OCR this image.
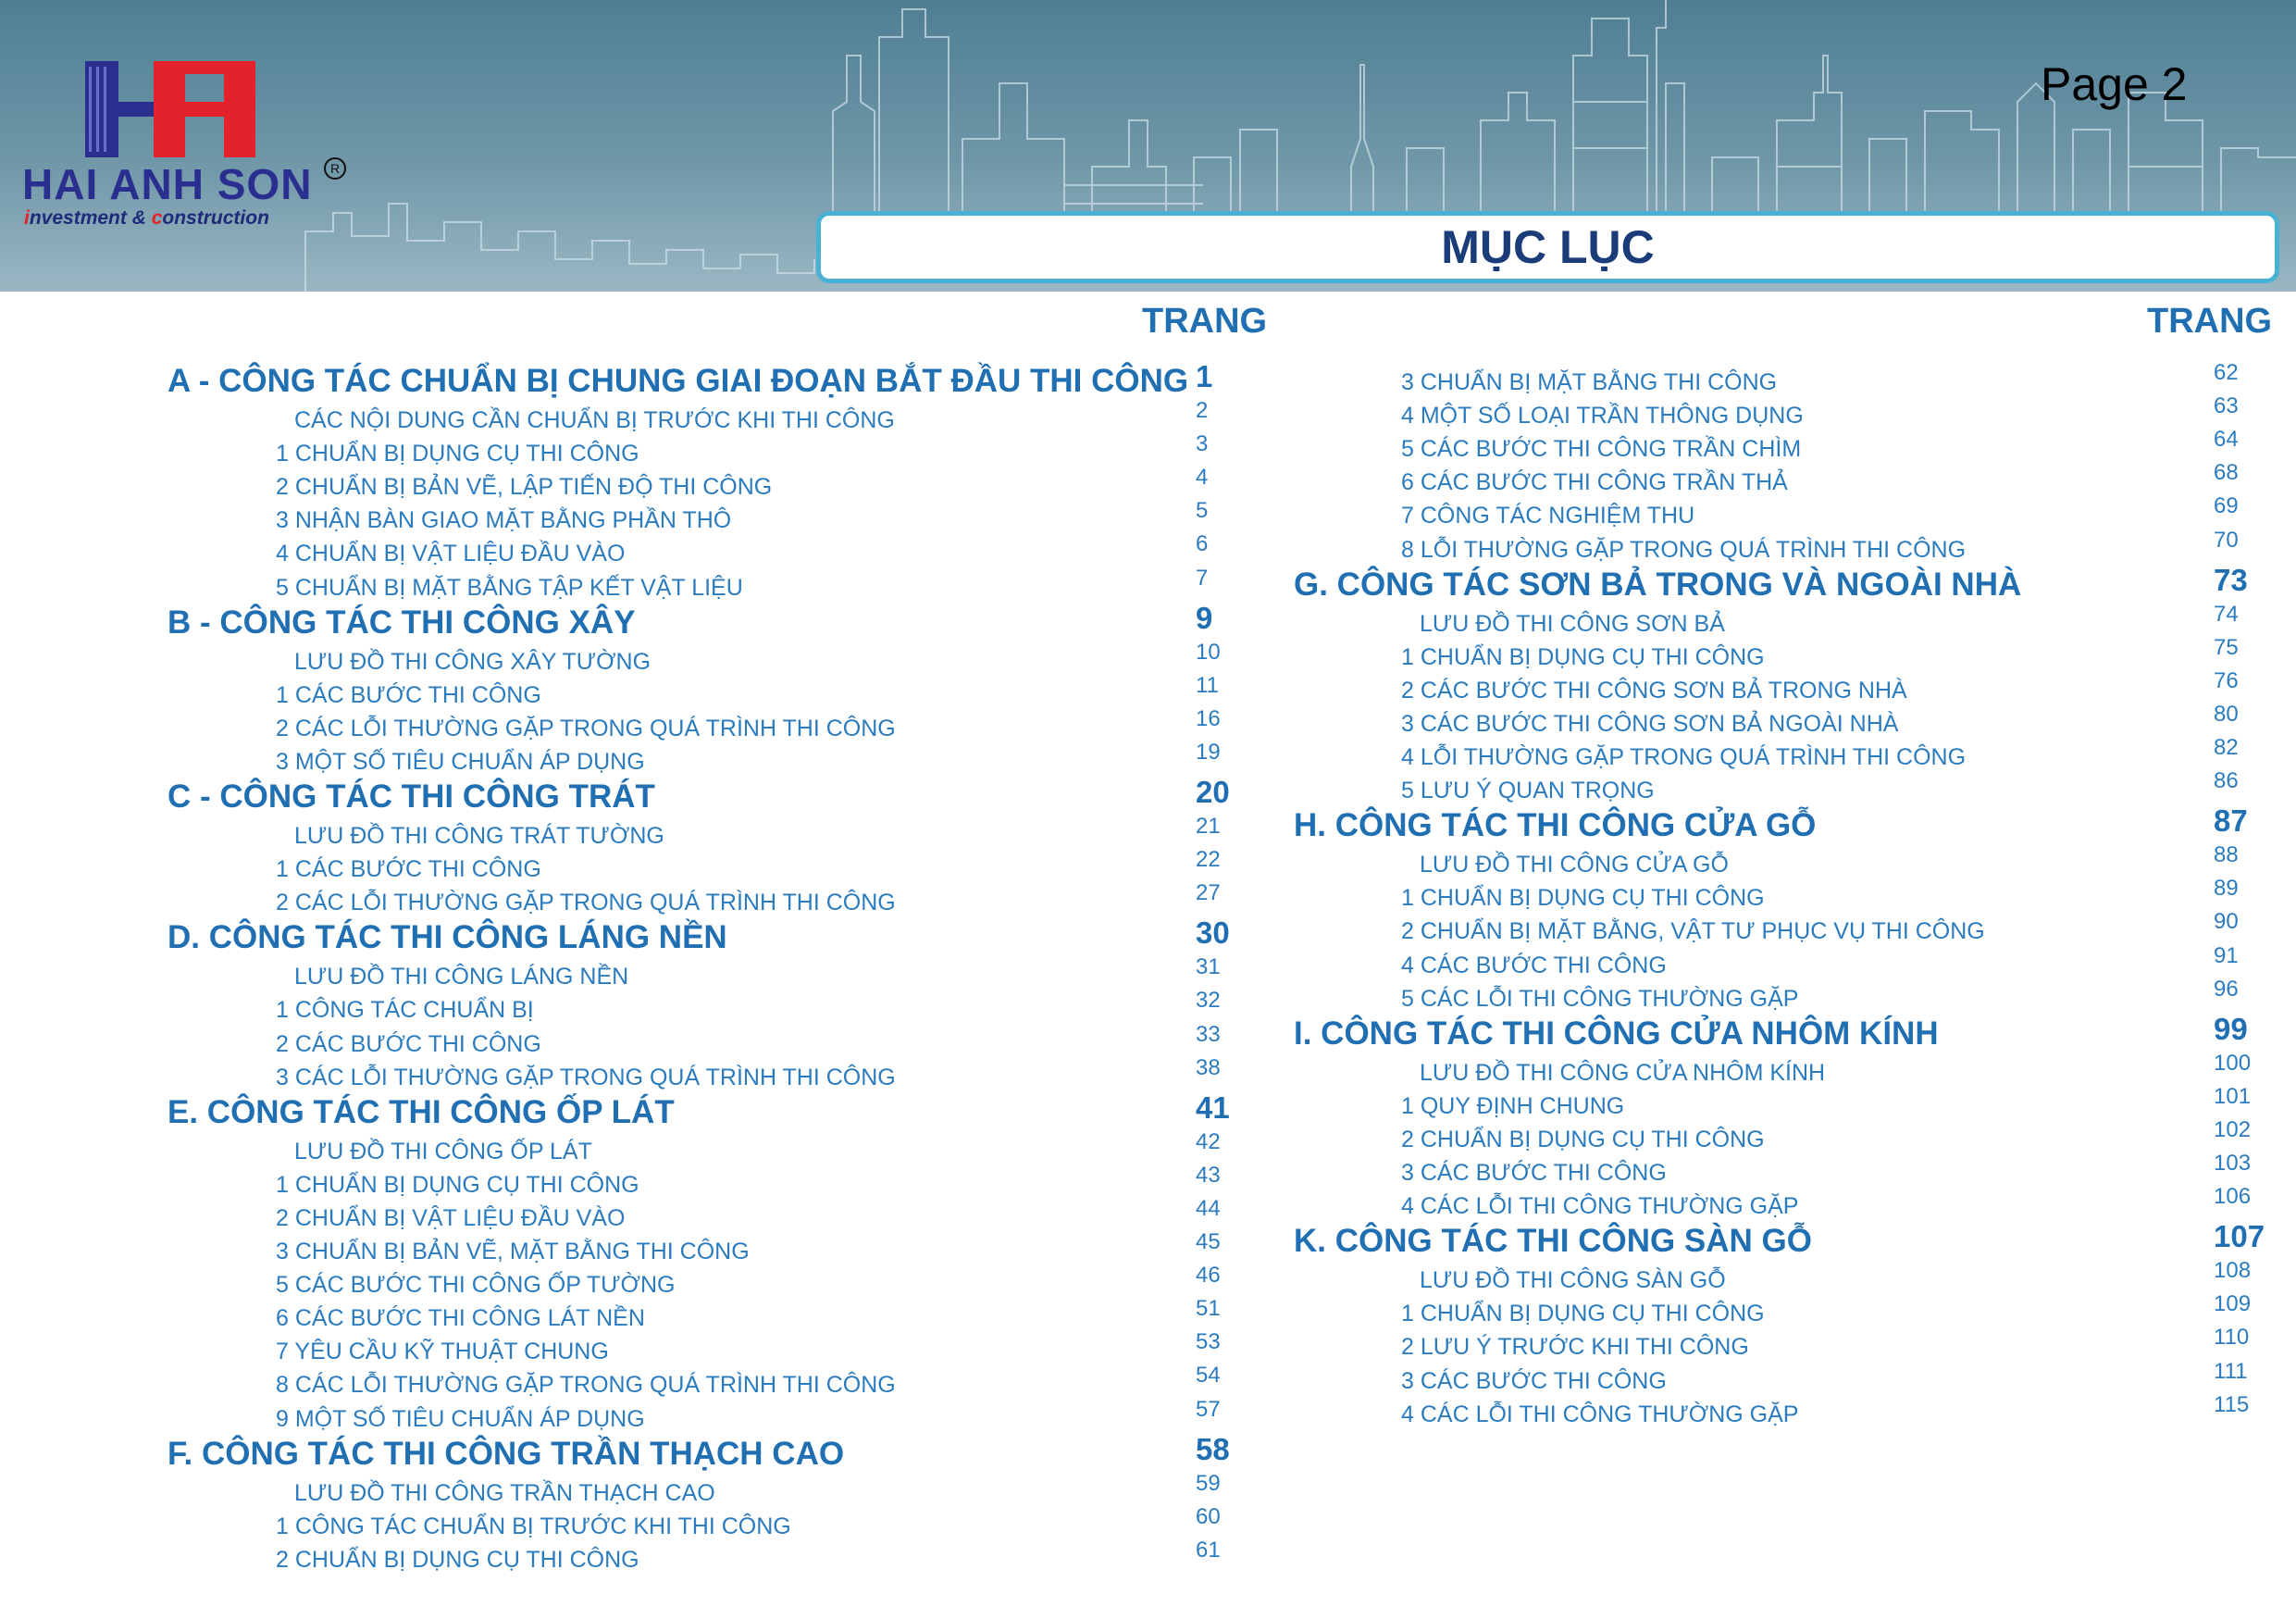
HAI ANH SON	R
investment & construction
Page 2
MỤC LỤC
TRANG	TRANG
A - CÔNG TÁC CHUẨN BỊ CHUNG GIAI ĐOẠN BẮT ĐẦU THI CÔNG 1
CÁC NỘI DUNG CẦN CHUẨN BỊ TRƯỚC KHI THI CÔNG	2
1 CHUẨN BỊ DỤNG CỤ THI CÔNG	3
2 CHUẨN BỊ BẢN VẼ, LẬP TIẾN ĐỘ THI CÔNG	4
3 NHẬN BÀN GIAO MẶT BẰNG PHẦN THÔ	5
4 CHUẨN BỊ VẬT LIỆU ĐẦU VÀO	6
5 CHUẨN BỊ MẶT BẰNG TẬP KẾT VẬT LIỆU	7
B - CÔNG TÁC THI CÔNG XÂY	9
LƯU ĐỒ THI CÔNG XÂY TƯỜNG	10
1 CÁC BƯỚC THI CÔNG	11
2 CÁC LỖI THƯỜNG GẶP TRONG QUÁ TRÌNH THI CÔNG	16
3 MỘT SỐ TIÊU CHUẨN ÁP DỤNG	19
C - CÔNG TÁC THI CÔNG TRÁT	20
LƯU ĐỒ THI CÔNG TRÁT TƯỜNG	21
1 CÁC BƯỚC THI CÔNG	22
2 CÁC LỖI THƯỜNG GẶP TRONG QUÁ TRÌNH THI CÔNG	27
D. CÔNG TÁC THI CÔNG LÁNG NỀN	30
LƯU ĐỒ THI CÔNG LÁNG NỀN	31
1 CÔNG TÁC CHUẨN BỊ	32
2 CÁC BƯỚC THI CÔNG	33
3 CÁC LỖI THƯỜNG GẶP TRONG QUÁ TRÌNH THI CÔNG	38
E. CÔNG TÁC THI CÔNG ỐP LÁT	41
LƯU ĐỒ THI CÔNG ỐP LÁT	42
1 CHUẨN BỊ DỤNG CỤ THI CÔNG	43
2 CHUẨN BỊ VẬT LIỆU ĐẦU VÀO	44
3 CHUẨN BỊ BẢN VẼ, MẶT BẰNG THI CÔNG	45
5 CÁC BƯỚC THI CÔNG ỐP TƯỜNG	46
6 CÁC BƯỚC THI CÔNG LÁT NỀN	51
7 YÊU CẦU KỸ THUẬT CHUNG	53
8 CÁC LỖI THƯỜNG GẶP TRONG QUÁ TRÌNH THI CÔNG	54
9 MỘT SỐ TIÊU CHUẨN ÁP DỤNG	57
F. CÔNG TÁC THI CÔNG TRẦN THẠCH CAO	58
LƯU ĐỒ THI CÔNG TRẦN THẠCH CAO	59
1 CÔNG TÁC CHUẨN BỊ TRƯỚC KHI THI CÔNG	60
2 CHUẨN BỊ DỤNG CỤ THI CÔNG	61
3 CHUẨN BỊ MẶT BẰNG THI CÔNG	62
4 MỘT SỐ LOẠI TRẦN THÔNG DỤNG	63
5 CÁC BƯỚC THI CÔNG TRẦN CHÌM	64
6 CÁC BƯỚC THI CÔNG TRẦN THẢ	68
7 CÔNG TÁC NGHIỆM THU	69
8 LỖI THƯỜNG GẶP TRONG QUÁ TRÌNH THI CÔNG	70
G. CÔNG TÁC SƠN BẢ TRONG VÀ NGOÀI NHÀ	73
LƯU ĐỒ THI CÔNG SƠN BẢ	74
1 CHUẨN BỊ DỤNG CỤ THI CÔNG	75
2 CÁC BƯỚC THI CÔNG SƠN BẢ TRONG NHÀ	76
3 CÁC BƯỚC THI CÔNG SƠN BẢ NGOÀI NHÀ	80
4 LỖI THƯỜNG GẶP TRONG QUÁ TRÌNH THI CÔNG	82
5 LƯU Ý QUAN TRỌNG	86
H. CÔNG TÁC THI CÔNG CỬA GỖ	87
LƯU ĐỒ THI CÔNG CỬA GỖ	88
1 CHUẨN BỊ DỤNG CỤ THI CÔNG	89
2 CHUẨN BỊ MẶT BẰNG, VẬT TƯ PHỤC VỤ THI CÔNG	90
4 CÁC BƯỚC THI CÔNG	91
5 CÁC LỖI THI CÔNG THƯỜNG GẶP	96
I. CÔNG TÁC THI CÔNG CỬA NHÔM KÍNH	99
LƯU ĐỒ THI CÔNG CỬA NHÔM KÍNH	100
1 QUY ĐỊNH CHUNG	101
2 CHUẨN BỊ DỤNG CỤ THI CÔNG	102
3 CÁC BƯỚC THI CÔNG	103
4 CÁC LỖI THI CÔNG THƯỜNG GẶP	106
K. CÔNG TÁC THI CÔNG SÀN GỖ	107
LƯU ĐỒ THI CÔNG SÀN GỖ	108
1 CHUẨN BỊ DỤNG CỤ THI CÔNG	109
2 LƯU Ý TRƯỚC KHI THI CÔNG	110
3 CÁC BƯỚC THI CÔNG	111
4 CÁC LỖI THI CÔNG THƯỜNG GẶP	115
